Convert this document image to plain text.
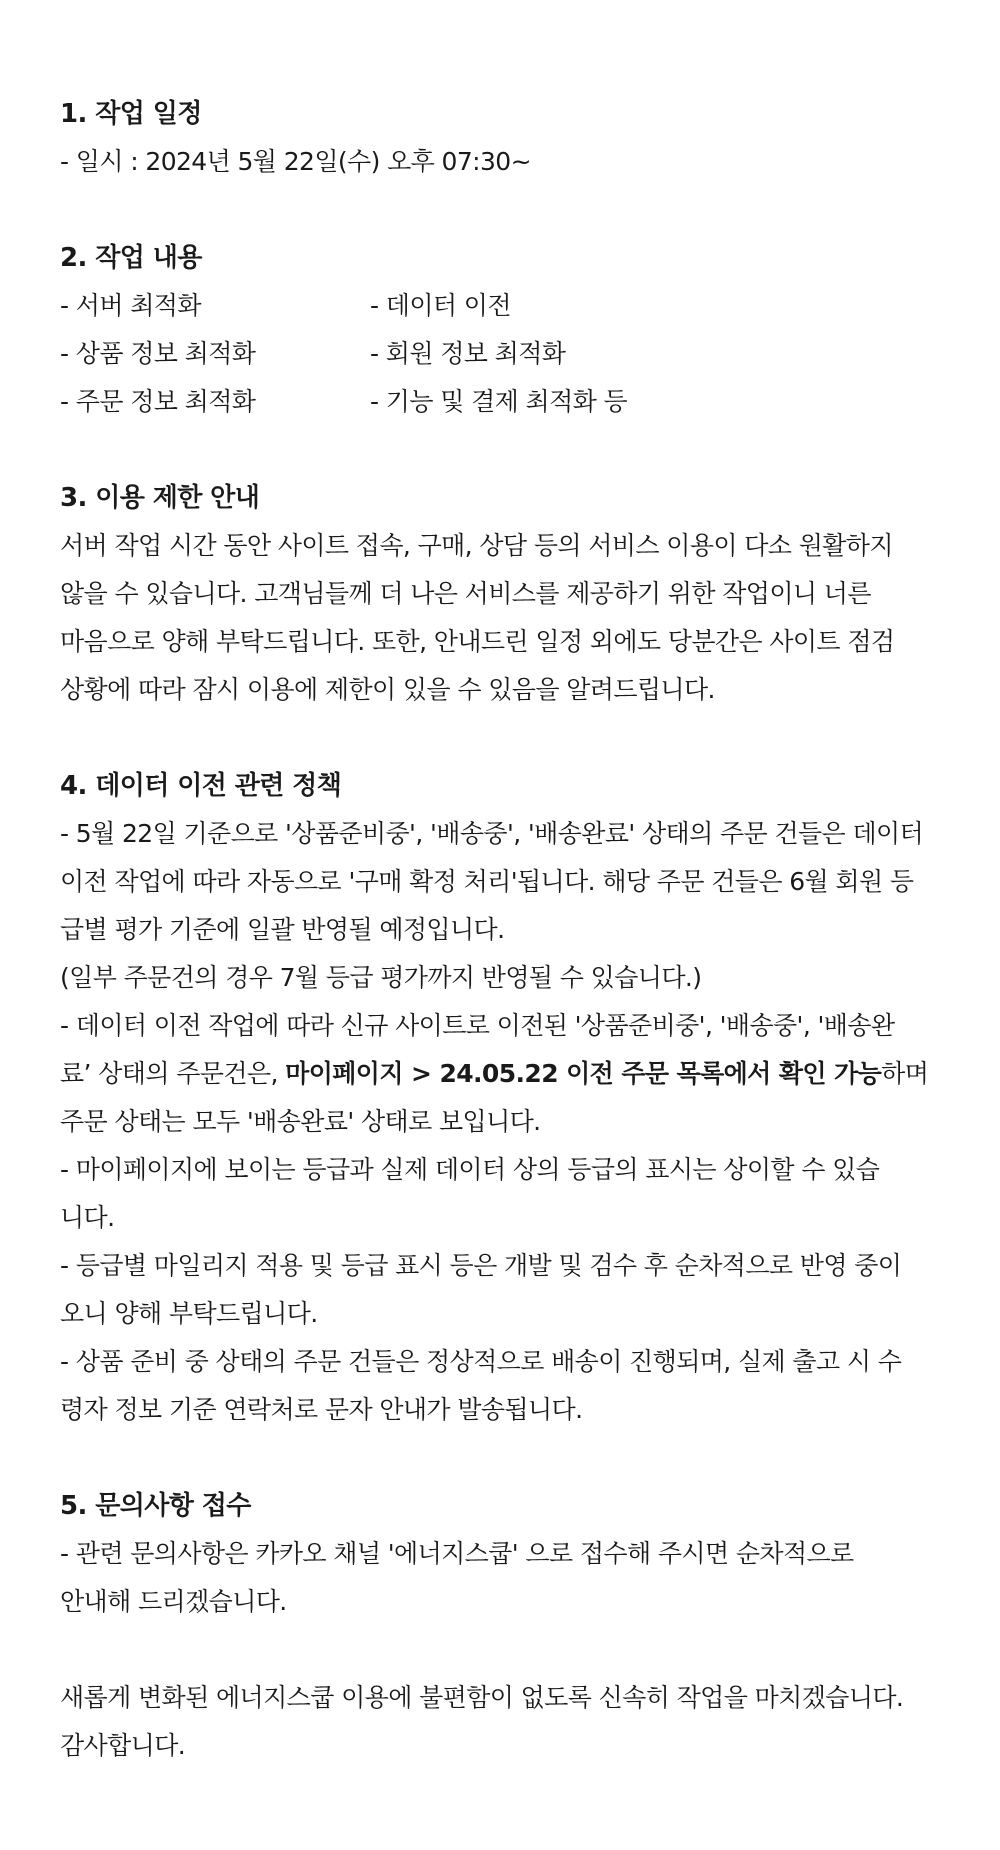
1. 작업 일정

- 일시 : 2024년 5월 22일(수) 오후 07:30~

2. 작업 내용

- 서버 최적화	- 데이터 이전
- 상품 정보 최적화	- 회원 정보 최적화
- 주문 정보 최적화	- 기능 및 결제 최적화 등

3. 이용 제한 안내

서버 작업 시간 동안 사이트 접속, 구매, 상담 등의 서비스 이용이 다소 원활하지

않을 수 있습니다. 고객님들께 더 나은 서비스를 제공하기 위한 작업이니 너른

마음으로 양해 부탁드립니다. 또한, 안내드린 일정 외에도 당분간은 사이트 점검

상황에 따라 잠시 이용에 제한이 있을 수 있음을 알려드립니다.

4. 데이터 이전 관련 정책

- 5월 22일 기준으로 '상품준비중', '배송중', '배송완료' 상태의 주문 건들은 데이터

이전 작업에 따라 자동으로 '구매 확정 처리'됩니다. 해당 주문 건들은 6월 회원 등

급별 평가 기준에 일괄 반영될 예정입니다.

(일부 주문건의 경우 7월 등급 평가까지 반영될 수 있습니다.)

- 데이터 이전 작업에 따라 신규 사이트로 이전된 '상품준비중', '배송중', '배송완

료’ 상태의 주문건은, 마이페이지 > 24.05.22 이전 주문 목록에서 확인 가능하며

주문 상태는 모두 '배송완료' 상태로 보입니다.

- 마이페이지에 보이는 등급과 실제 데이터 상의 등급의 표시는 상이할 수 있습

니다.

- 등급별 마일리지 적용 및 등급 표시 등은 개발 및 검수 후 순차적으로 반영 중이

오니 양해 부탁드립니다.

- 상품 준비 중 상태의 주문 건들은 정상적으로 배송이 진행되며, 실제 출고 시 수

령자 정보 기준 연락처로 문자 안내가 발송됩니다.

5. 문의사항 접수

- 관련 문의사항은 카카오 채널 '에너지스쿱' 으로 접수해 주시면 순차적으로

안내해 드리겠습니다.

새롭게 변화된 에너지스쿱 이용에 불편함이 없도록 신속히 작업을 마치겠습니다.

감사합니다.
